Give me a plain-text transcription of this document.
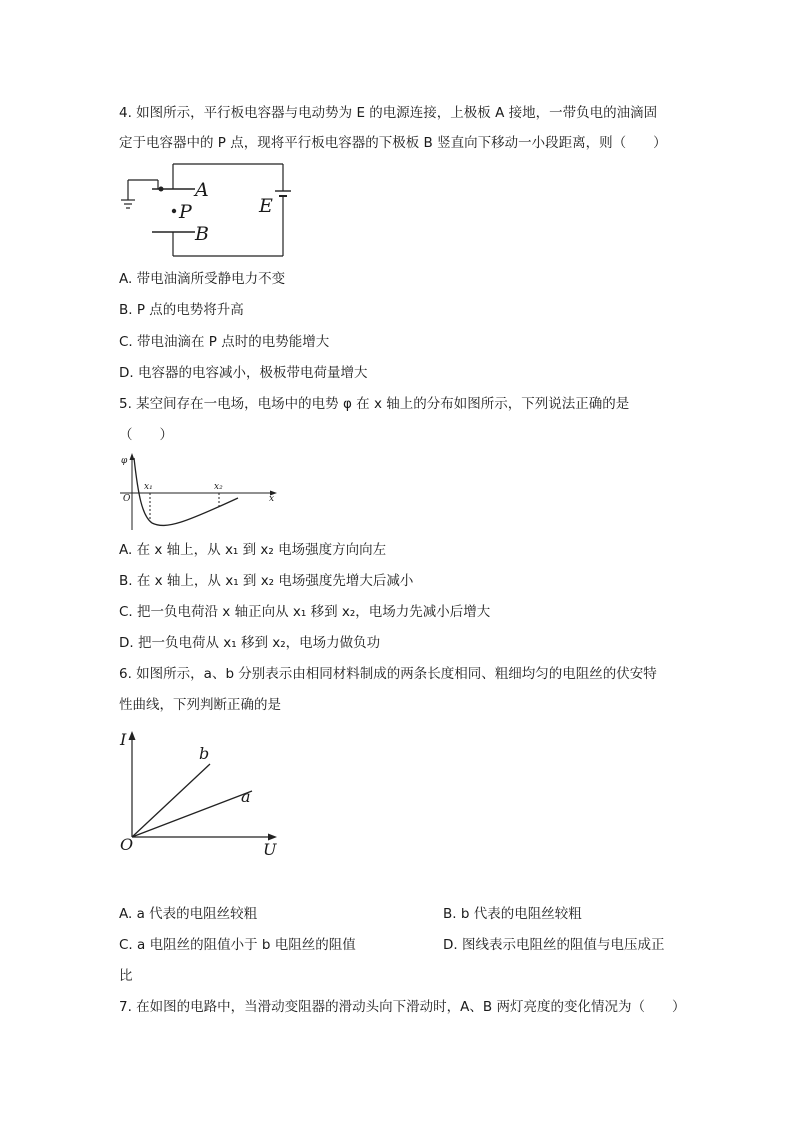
4. 如图所示，平行板电容器与电动势为 E 的电源连接，上极板 A 接地，一带负电的油滴固
定于电容器中的 P 点，现将平行板电容器的下极板 B 竖直向下移动一小段距离，则（　　）
A
P
B
E
A. 带电油滴所受静电力不变
B. P 点的电势将升高
C. 带电油滴在 P 点时的电势能增大
D. 电容器的电容减小，极板带电荷量增大
5. 某空间存在一电场，电场中的电势 φ 在 x 轴上的分布如图所示，下列说法正确的是
（　　）
φ
O	x
x₁	x₂
A. 在 x 轴上，从 x₁ 到 x₂ 电场强度方向向左
B. 在 x 轴上，从 x₁ 到 x₂ 电场强度先增大后减小
C. 把一负电荷沿 x 轴正向从 x₁ 移到 x₂，电场力先减小后增大
D. 把一负电荷从 x₁ 移到 x₂，电场力做负功
6. 如图所示，a、b 分别表示由相同材料制成的两条长度相同、粗细均匀的电阻丝的伏安特
性曲线，下列判断正确的是
I
U
O
b
a
A. a 代表的电阻丝较粗	B. b 代表的电阻丝较粗
C. a 电阻丝的阻值小于 b 电阻丝的阻值	D. 图线表示电阻丝的阻值与电压成正
比
7. 在如图的电路中，当滑动变阻器的滑动头向下滑动时，A、B 两灯亮度的变化情况为（　　）
